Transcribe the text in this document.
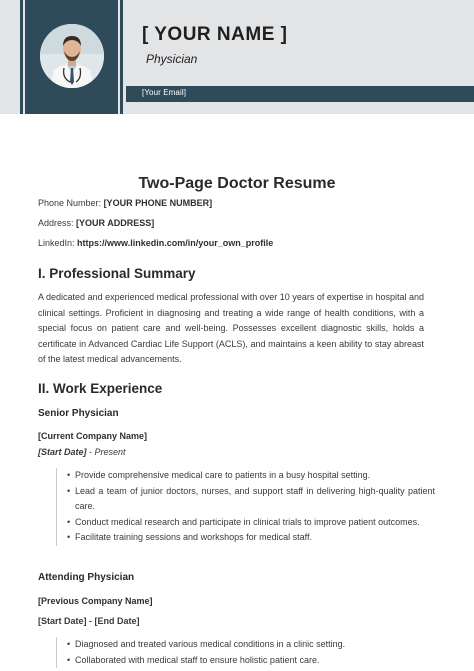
[ YOUR NAME ]
Physician
[Your Email]
Two-Page Doctor Resume
Phone Number: [YOUR PHONE NUMBER]
Address: [YOUR ADDRESS]
LinkedIn: https://www.linkedin.com/in/your_own_profile
I. Professional Summary
A dedicated and experienced medical professional with over 10 years of expertise in hospital and clinical settings. Proficient in diagnosing and treating a wide range of health conditions, with a special focus on patient care and well-being. Possesses excellent diagnostic skills, holds a certificate in Advanced Cardiac Life Support (ACLS), and maintains a keen ability to stay abreast of the latest medical advancements.
II. Work Experience
Senior Physician
[Current Company Name]
[Start Date] - Present
• Provide comprehensive medical care to patients in a busy hospital setting.
• Lead a team of junior doctors, nurses, and support staff in delivering high-quality patient care.
• Conduct medical research and participate in clinical trials to improve patient outcomes.
• Facilitate training sessions and workshops for medical staff.
Attending Physician
[Previous Company Name]
[Start Date] - [End Date]
• Diagnosed and treated various medical conditions in a clinic setting.
• Collaborated with medical staff to ensure holistic patient care.
